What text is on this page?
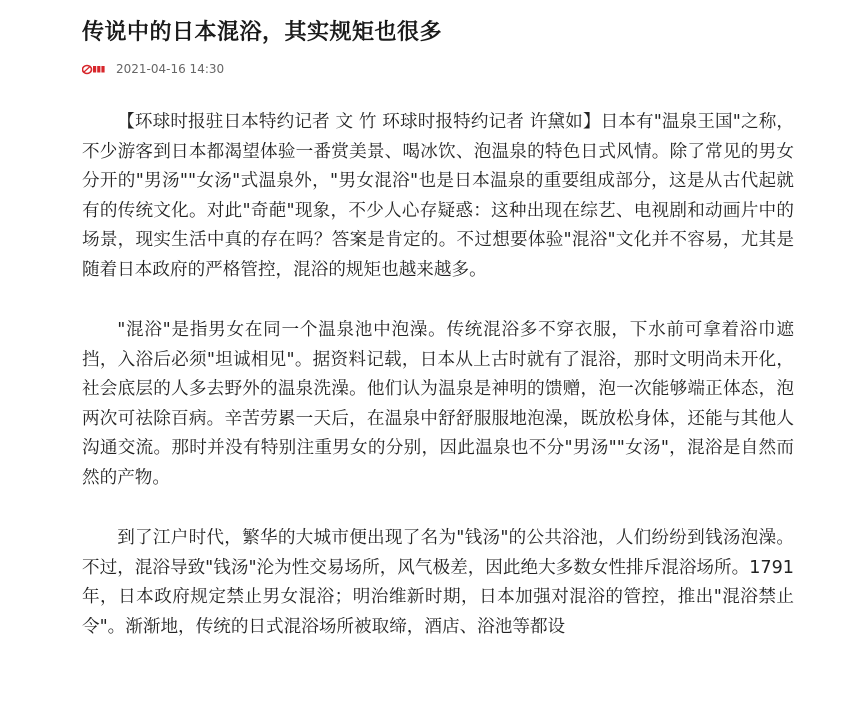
传说中的日本混浴，其实规矩也很多
2021-04-16 14:30

【环球时报驻日本特约记者 文 竹 环球时报特约记者 许黛如】日本有"温泉王国"之称，不少游客到日本都渴望体验一番赏美景、喝冰饮、泡温泉的特色日式风情。除了常见的男女分开的"男汤""女汤"式温泉外，"男女混浴"也是日本温泉的重要组成部分，这是从古代起就有的传统文化。对此"奇葩"现象，不少人心存疑惑：这种出现在综艺、电视剧和动画片中的场景，现实生活中真的存在吗？答案是肯定的。不过想要体验"混浴"文化并不容易，尤其是随着日本政府的严格管控，混浴的规矩也越来越多。

"混浴"是指男女在同一个温泉池中泡澡。传统混浴多不穿衣服，下水前可拿着浴巾遮挡，入浴后必须"坦诚相见"。据资料记载，日本从上古时就有了混浴，那时文明尚未开化，社会底层的人多去野外的温泉洗澡。他们认为温泉是神明的馈赠，泡一次能够端正体态，泡两次可祛除百病。辛苦劳累一天后，在温泉中舒舒服服地泡澡，既放松身体，还能与其他人沟通交流。那时并没有特别注重男女的分别，因此温泉也不分"男汤""女汤"，混浴是自然而然的产物。

到了江户时代，繁华的大城市便出现了名为"钱汤"的公共浴池，人们纷纷到钱汤泡澡。不过，混浴导致"钱汤"沦为性交易场所，风气极差，因此绝大多数女性排斥混浴场所。1791 年，日本政府规定禁止男女混浴；明治维新时期，日本加强对混浴的管控，推出"混浴禁止令"。渐渐地，传统的日式混浴场所被取缔，酒店、浴池等都设
